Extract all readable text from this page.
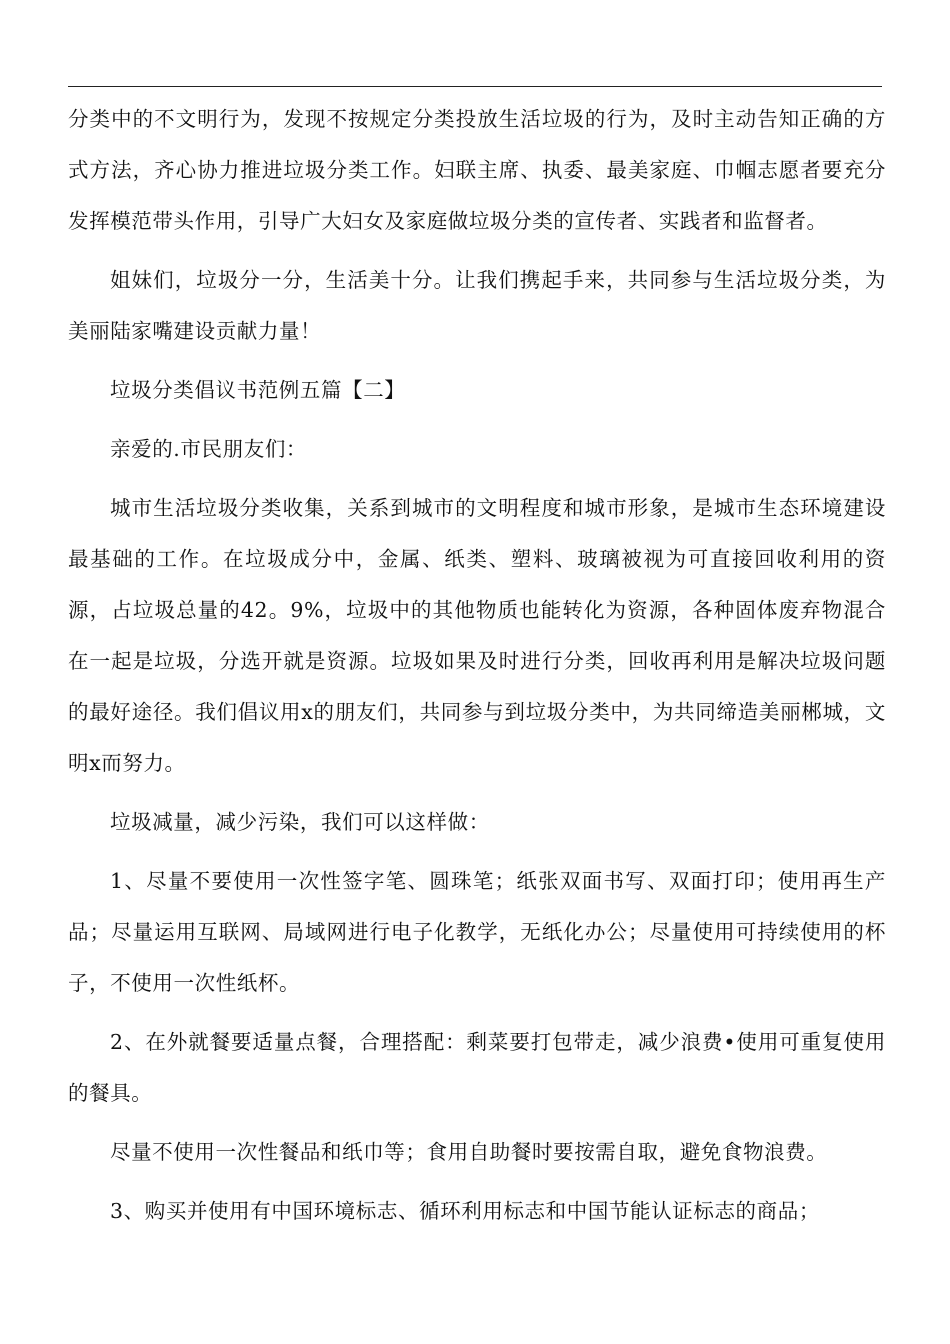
分类中的不文明行为，发现不按规定分类投放生活垃圾的行为，及时主动告知正确的方式方法，齐心协力推进垃圾分类工作。妇联主席、执委、最美家庭、巾帼志愿者要充分发挥模范带头作用，引导广大妇女及家庭做垃圾分类的宣传者、实践者和监督者。

姐妹们，垃圾分一分，生活美十分。让我们携起手来，共同参与生活垃圾分类，为美丽陆家嘴建设贡献力量！

垃圾分类倡议书范例五篇【二】

亲爱的.市民朋友们：

城市生活垃圾分类收集，关系到城市的文明程度和城市形象，是城市生态环境建设最基础的工作。在垃圾成分中，金属、纸类、塑料、玻璃被视为可直接回收利用的资源，占垃圾总量的42。9%，垃圾中的其他物质也能转化为资源，各种固体废弃物混合在一起是垃圾，分选开就是资源。垃圾如果及时进行分类，回收再利用是解决垃圾问题的最好途径。我们倡议用x的朋友们，共同参与到垃圾分类中，为共同缔造美丽郴城，文明x而努力。

垃圾减量，减少污染，我们可以这样做：

1、尽量不要使用一次性签字笔、圆珠笔；纸张双面书写、双面打印；使用再生产品；尽量运用互联网、局域网进行电子化教学，无纸化办公；尽量使用可持续使用的杯子，不使用一次性纸杯。

2、在外就餐要适量点餐，合理搭配：剩菜要打包带走，减少浪费•使用可重复使用的餐具。

尽量不使用一次性餐品和纸巾等；食用自助餐时要按需自取，避免食物浪费。

3、购买并使用有中国环境标志、循环利用标志和中国节能认证标志的商品；
